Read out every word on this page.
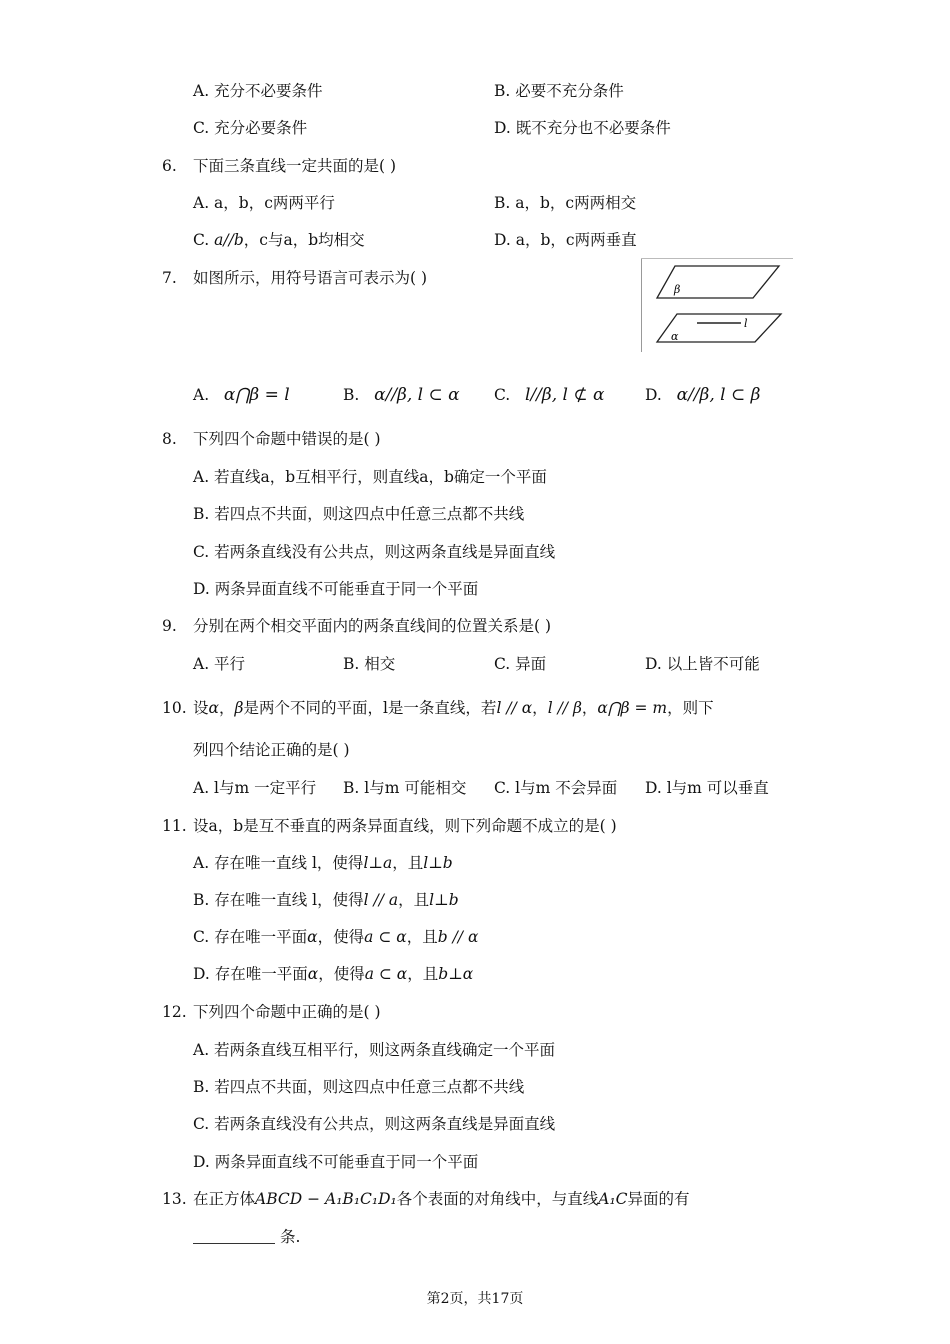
A. 充分不必要条件	B. 必要不充分条件
C. 充分必要条件	D. 既不充分也不必要条件
6. 下面三条直线一定共面的是( )
A. a，b，c两两平行	B. a，b，c两两相交
C. a//b，c与a，b均相交	D. a，b，c两两垂直
7. 如图所示，用符号语言可表示为( )
β
α
l
A. α⋂β = l	B. α//β, l ⊂ α C. l//β, l ⊄ α	D. α//β, l ⊂ β
8. 下列四个命题中错误的是( )
A. 若直线a，b互相平行，则直线a，b确定一个平面
B. 若四点不共面，则这四点中任意三点都不共线
C. 若两条直线没有公共点，则这两条直线是异面直线
D. 两条异面直线不可能垂直于同一个平面
9. 分别在两个相交平面内的两条直线间的位置关系是( )
A. 平行	B. 相交	C. 异面	D. 以上皆不可能
10. 设α，β是两个不同的平面，l是一条直线，若l // α，l // β，α⋂β = m，则下
列四个结论正确的是( )
A. l与m 一定平行 B. l与m 可能相交 C. l与m 不会异面 D. l与m 可以垂直
11. 设a，b是互不垂直的两条异面直线，则下列命题不成立的是( )
A. 存在唯一直线 l，使得l⊥a，且l⊥b
B. 存在唯一直线 l，使得l // a，且l⊥b
C. 存在唯一平面α，使得a ⊂ α，且b // α
D. 存在唯一平面α，使得a ⊂ α，且b⊥α
12. 下列四个命题中正确的是( )
A. 若两条直线互相平行，则这两条直线确定一个平面
B. 若四点不共面，则这四点中任意三点都不共线
C. 若两条直线没有公共点，则这两条直线是异面直线
D. 两条异面直线不可能垂直于同一个平面
13. 在正方体ABCD − A₁B₁C₁D₁各个表面的对角线中，与直线A₁C异面的有
条.
第2页，共17页
